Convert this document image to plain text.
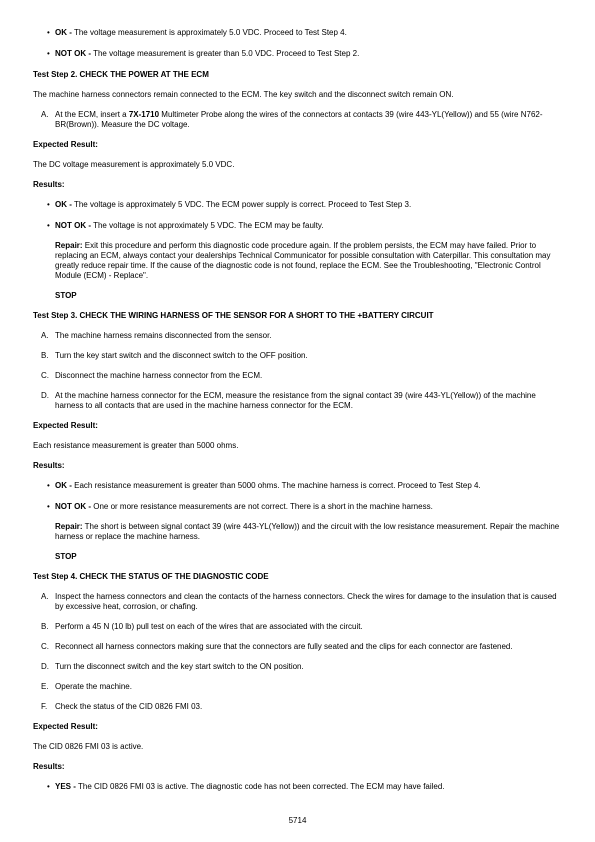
• OK - The voltage measurement is approximately 5.0 VDC. Proceed to Test Step 4.
• NOT OK - The voltage measurement is greater than 5.0 VDC. Proceed to Test Step 2.

Test Step 2. CHECK THE POWER AT THE ECM

The machine harness connectors remain connected to the ECM. The key switch and the disconnect switch remain ON.

A. At the ECM, insert a 7X-1710 Multimeter Probe along the wires of the connectors at contacts 39 (wire 443-YL(Yellow)) and 55 (wire N762-BR(Brown)). Measure the DC voltage.

Expected Result:

The DC voltage measurement is approximately 5.0 VDC.

Results:

• OK - The voltage is approximately 5 VDC. The ECM power supply is correct. Proceed to Test Step 3.
• NOT OK - The voltage is not approximately 5 VDC. The ECM may be faulty.
Repair: Exit this procedure and perform this diagnostic code procedure again. If the problem persists, the ECM may have failed. Prior to replacing an ECM, always contact your dealerships Technical Communicator for possible consultation with Caterpillar. This consultation may greatly reduce repair time. If the cause of the diagnostic code is not found, replace the ECM. See the Troubleshooting, "Electronic Control Module (ECM) - Replace".

STOP

Test Step 3. CHECK THE WIRING HARNESS OF THE SENSOR FOR A SHORT TO THE +BATTERY CIRCUIT

A. The machine harness remains disconnected from the sensor.
B. Turn the key start switch and the disconnect switch to the OFF position.
C. Disconnect the machine harness connector from the ECM.
D. At the machine harness connector for the ECM, measure the resistance from the signal contact 39 (wire 443-YL(Yellow)) of the machine harness to all contacts that are used in the machine harness connector for the ECM.

Expected Result:

Each resistance measurement is greater than 5000 ohms.

Results:

• OK - Each resistance measurement is greater than 5000 ohms. The machine harness is correct. Proceed to Test Step 4.
• NOT OK - One or more resistance measurements are not correct. There is a short in the machine harness.
Repair: The short is between signal contact 39 (wire 443-YL(Yellow)) and the circuit with the low resistance measurement. Repair the machine harness or replace the machine harness.

STOP

Test Step 4. CHECK THE STATUS OF THE DIAGNOSTIC CODE

A. Inspect the harness connectors and clean the contacts of the harness connectors. Check the wires for damage to the insulation that is caused by excessive heat, corrosion, or chafing.
B. Perform a 45 N (10 lb) pull test on each of the wires that are associated with the circuit.
C. Reconnect all harness connectors making sure that the connectors are fully seated and the clips for each connector are fastened.
D. Turn the disconnect switch and the key start switch to the ON position.
E. Operate the machine.
F. Check the status of the CID 0826 FMI 03.

Expected Result:

The CID 0826 FMI 03 is active.

Results:

• YES - The CID 0826 FMI 03 is active. The diagnostic code has not been corrected. The ECM may have failed.
5714
